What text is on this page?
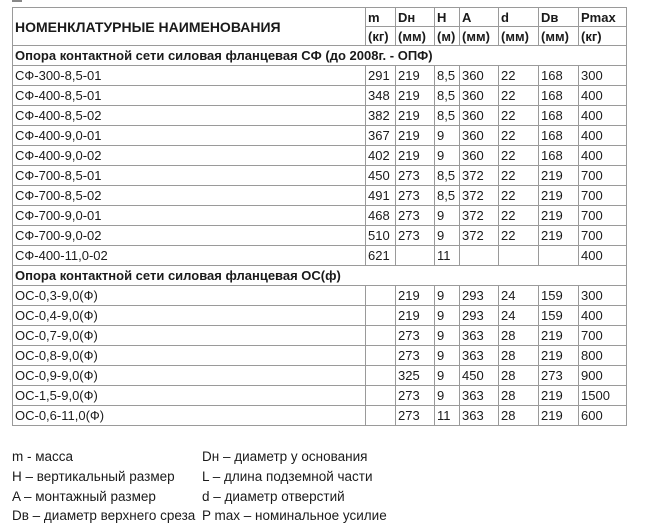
НОМЕНКЛАТУРНЫЕ НАИМЕНОВАНИЯ	m	Dн	H	A	d	Dв	Pmax
	(кг)	(мм)	(м)	(мм)	(мм)	(мм)	(кг)
Опора контактной сети силовая фланцевая СФ (до 2008г. - ОПФ)							
СФ-300-8,5-01	291	219	8,5	360	22	168	300
СФ-400-8,5-01	348	219	8,5	360	22	168	400
СФ-400-8,5-02	382	219	8,5	360	22	168	400
СФ-400-9,0-01	367	219	9	360	22	168	400
СФ-400-9,0-02	402	219	9	360	22	168	400
СФ-700-8,5-01	450	273	8,5	372	22	219	700
СФ-700-8,5-02	491	273	8,5	372	22	219	700
СФ-700-9,0-01	468	273	9	372	22	219	700
СФ-700-9,0-02	510	273	9	372	22	219	700
СФ-400-11,0-02	621		11				400
Опора контактной сети силовая фланцевая ОС(ф)							
ОС-0,3-9,0(Ф)		219	9	293	24	159	300
ОС-0,4-9,0(Ф)		219	9	293	24	159	400
ОС-0,7-9,0(Ф)		273	9	363	28	219	700
ОС-0,8-9,0(Ф)		273	9	363	28	219	800
ОС-0,9-9,0(Ф)		325	9	450	28	273	900
ОС-1,5-9,0(Ф)		273	9	363	28	219	1500
ОС-0,6-11,0(Ф)		273	11	363	28	219	600
m - масса	Dн – диаметр у основания
H – вертикальный размер L – длина подземной части
A – монтажный размер	d – диаметр отверстий
Dв – диаметр верхнего среза P max – номинальное усилие
